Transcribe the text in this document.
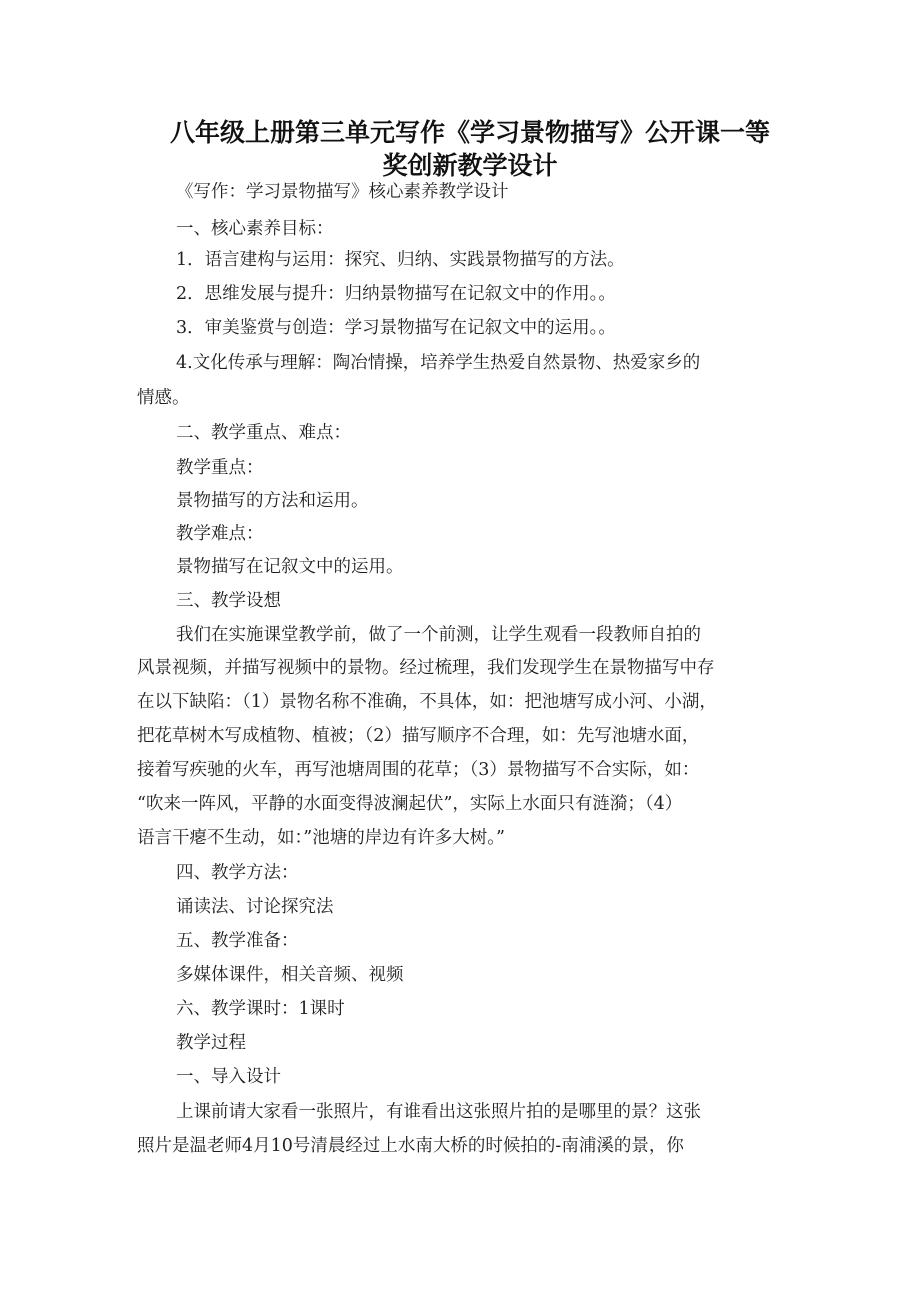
八年级上册第三单元写作《学习景物描写》公开课一等
奖创新教学设计
《写作：学习景物描写》核心素养教学设计
一、核心素养目标：
1．语言建构与运用：探究、归纳、实践景物描写的方法。
2．思维发展与提升：归纳景物描写在记叙文中的作用。。
3．审美鉴赏与创造：学习景物描写在记叙文中的运用。。
4.文化传承与理解：陶冶情操，培养学生热爱自然景物、热爱家乡的
情感。
二、教学重点、难点：
教学重点：
景物描写的方法和运用。
教学难点：
景物描写在记叙文中的运用。
三、教学设想
我们在实施课堂教学前，做了一个前测，让学生观看一段教师自拍的
风景视频，并描写视频中的景物。经过梳理，我们发现学生在景物描写中存
在以下缺陷：（1）景物名称不准确，不具体，如：把池塘写成小河、小湖，
把花草树木写成植物、植被；（2）描写顺序不合理，如：先写池塘水面，
接着写疾驰的火车，再写池塘周围的花草；（3）景物描写不合实际，如：
“吹来一阵风，平静的水面变得波澜起伏”，实际上水面只有涟漪；（4）
语言干瘪不生动，如：”池塘的岸边有许多大树。”
四、教学方法：
诵读法、讨论探究法
五、教学准备：
多媒体课件，相关音频、视频
六、教学课时：1课时
教学过程
一、导入设计
上课前请大家看一张照片，有谁看出这张照片拍的是哪里的景？这张
照片是温老师4月10号清晨经过上水南大桥的时候拍的-南浦溪的景，你
